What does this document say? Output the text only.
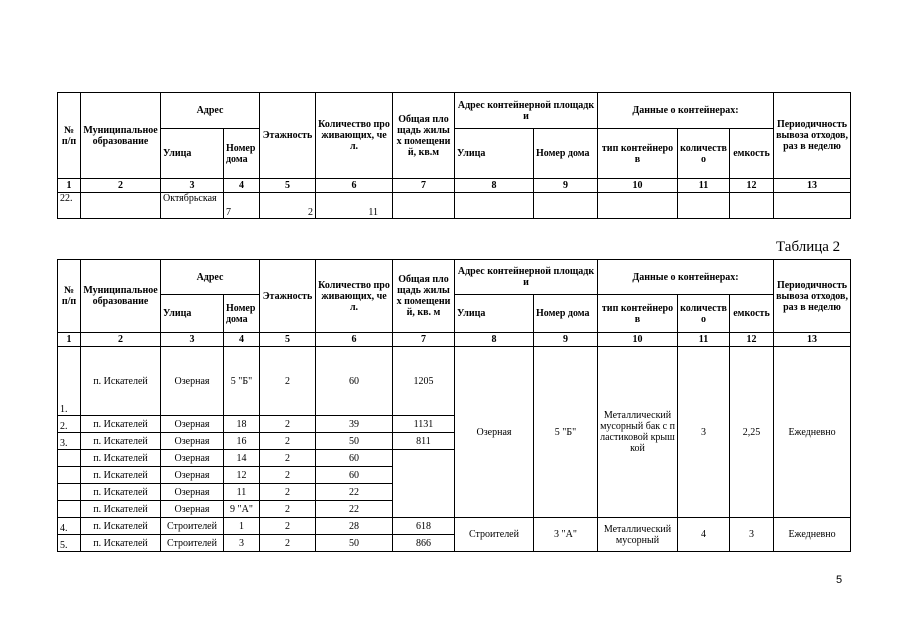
№ п/п	Муниципальное образование	Адрес		Этажность	Количество проживающих, чел.	Общая площадь жилых помещений, кв.м	Адрес контейнерной площадки		Данные о контейнерах:			Периодичность вывоза отходов, раз в неделю
		Улица	Номер дома				Улица	Номер дома	тип контейнеров	количество	емкость	
1	2	3	4	5	6	7	8	9	10	11	12	13
22.		Октябрьская	7	2	11							
Таблица 2
№ п/п	Муниципальное образование	Адрес		Этажность	Количество проживающих, чел.	Общая площадь жилых помещений, кв. м	Адрес контейнерной площадки		Данные о контейнерах:			Периодичность вывоза отходов, раз в неделю
		Улица	Номер дома				Улица	Номер дома	тип контейнеров	количество	емкость	
1	2	3	4	5	6	7	8	9	10	11	12	13
1.	п. Искателей	Озерная	5 "Б"	2	60	1205	Озерная	5 "Б"	Металлический мусорный бак с пластиковой крышкой	3	2,25	Ежедневно
2.	п. Искателей	Озерная	18	2	39	1131						
3.	п. Искателей	Озерная	16	2	50	811						
	п. Искателей	Озерная	14	2	60							
	п. Искателей	Озерная	12	2	60							
	п. Искателей	Озерная	11	2	22							
	п. Искателей	Озерная	9 "А"	2	22							
4.	п. Искателей	Строителей	1	2	28	618	Строителей	3 "А"	Металлический мусорный	4	3	Ежедневно
5.	п. Искателей	Строителей	3	2	50	866						
5
